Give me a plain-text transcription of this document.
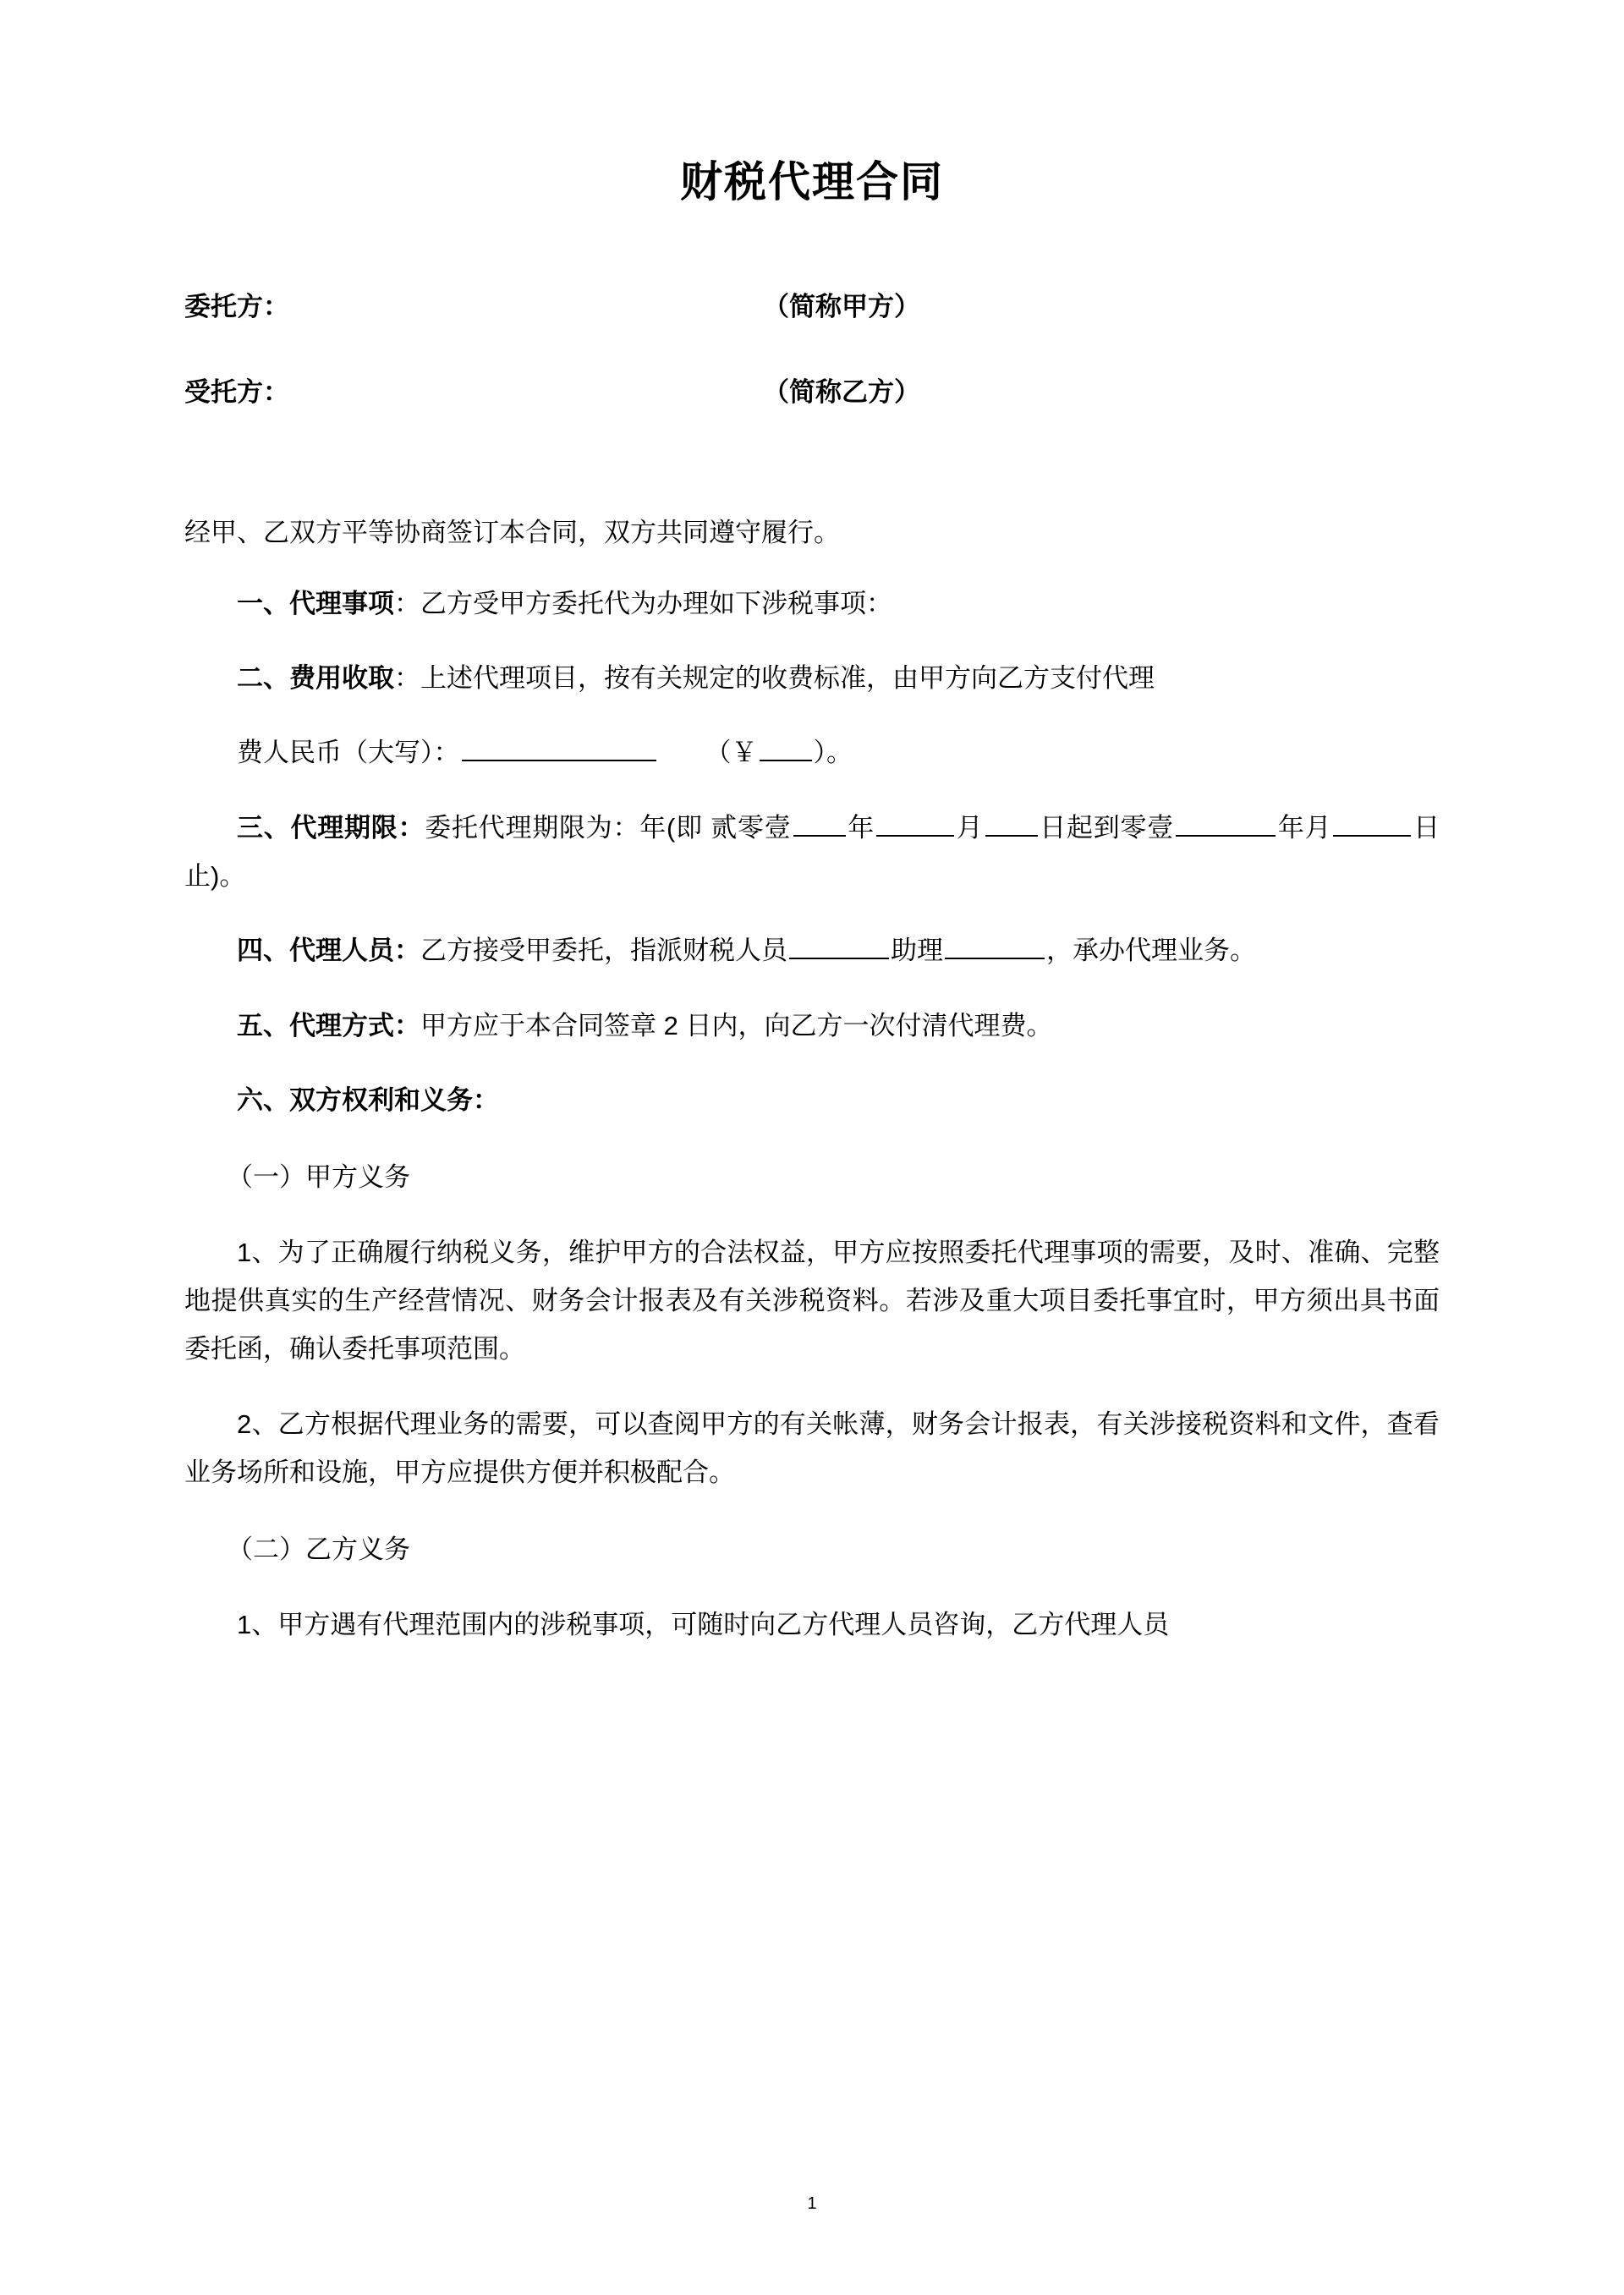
财税代理合同
委托方：	（简称甲方）
受托方：	（简称乙方）

经甲、乙双方平等协商签订本合同，双方共同遵守履行。

一、代理事项：乙方受甲方委托代为办理如下涉税事项：

二、费用收取：上述代理项目，按有关规定的收费标准，由甲方向乙方支付代理

费人民币（大写）：	（￥ ）。

三、代理期限：委托代理期限为：年(即 贰零壹 年	月 日起到零壹	年月	日止)。

四、代理人员：乙方接受甲委托，指派财税人员	助理	，承办代理业务。

五、代理方式：甲方应于本合同签章 2 日内，向乙方一次付清代理费。

六、双方权利和义务：

（一）甲方义务

1、为了正确履行纳税义务，维护甲方的合法权益，甲方应按照委托代理事项的需要，及时、准确、完整地提供真实的生产经营情况、财务会计报表及有关涉税资料。若涉及重大项目委托事宜时，甲方须出具书面委托函，确认委托事项范围。

2、乙方根据代理业务的需要，可以查阅甲方的有关帐薄，财务会计报表，有关涉接税资料和文件，查看业务场所和设施，甲方应提供方便并积极配合。

（二）乙方义务

1、甲方遇有代理范围内的涉税事项，可随时向乙方代理人员咨询，乙方代理人员

1
